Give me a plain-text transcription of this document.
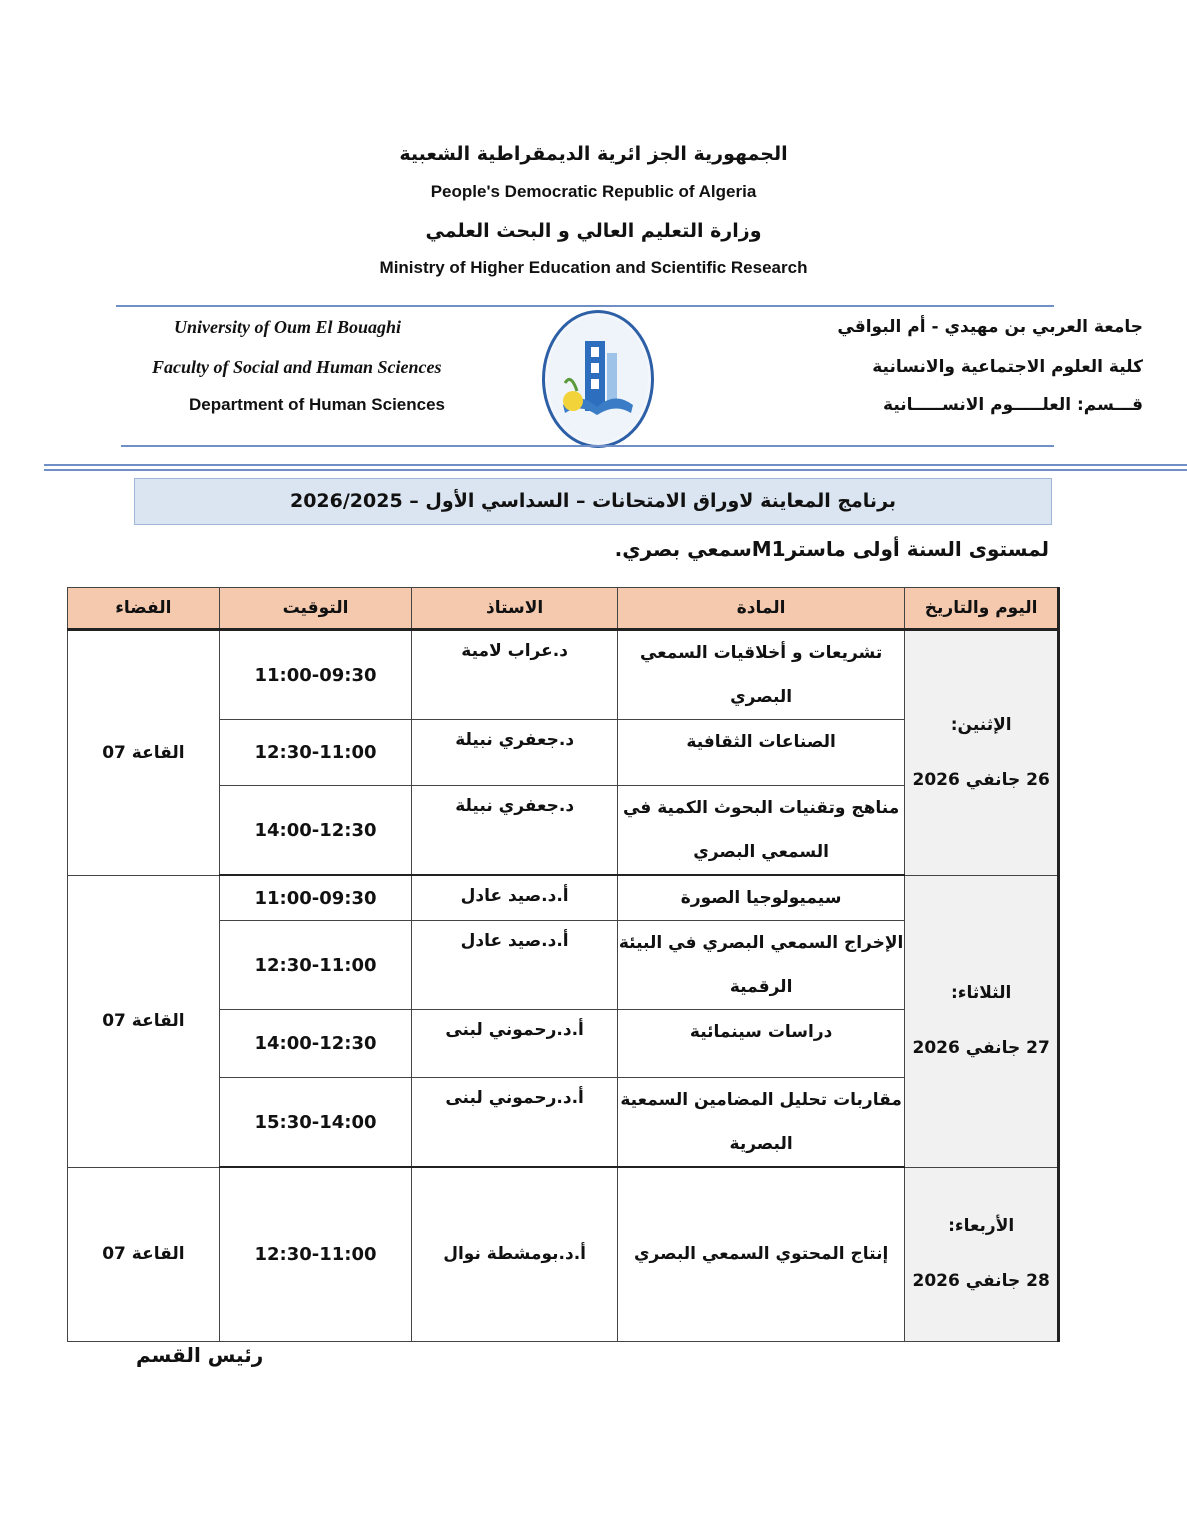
الجمهورية الجز ائرية الديمقراطية الشعبية
People's Democratic Republic of Algeria
وزارة التعليم العالي و البحث العلمي
Ministry of Higher Education and Scientific Research
University of Oum El Bouaghi
Faculty of Social and Human Sciences
Department of Human Sciences
جامعة العربي بن مهيدي - أم البواقي
كلية العلوم الاجتماعية والانسانية
قـــسم: العلـــــوم الانســـــانية
برنامج المعاينة لاوراق الامتحانات – السداسي الأول – 2026/2025
لمستوى السنة أولى ماسترM1سمعي بصري.
اليوم والتاريخ	المادة	الاستاذ	التوقيت	الفضاء

الإثنين:
26 جانفي 2026	تشريعات و أخلاقيات السمعي البصري	د.عراب لامية	11:00-09:30	القاعة 07
	الصناعات الثقافية	د.جعفري نبيلة	12:30-11:00	
	مناهج وتقنيات البحوث الكمية في السمعي البصري	د.جعفري نبيلة	14:00-12:30	

الثلاثاء:
27 جانفي 2026	سيميولوجيا الصورة	أ.د.صيد عادل	11:00-09:30	القاعة 07
	الإخراج السمعي البصري في البيئة الرقمية	أ.د.صيد عادل	12:30-11:00	
	دراسات سينمائية	أ.د.رحموني لبنى	14:00-12:30	
	مقاربات تحليل المضامين السمعية البصرية	أ.د.رحموني لبنى	15:30-14:00	

الأربعاء:
28 جانفي 2026	إنتاج المحتوي السمعي البصري	أ.د.بومشطة نوال	12:30-11:00	القاعة 07
رئيس القسم
